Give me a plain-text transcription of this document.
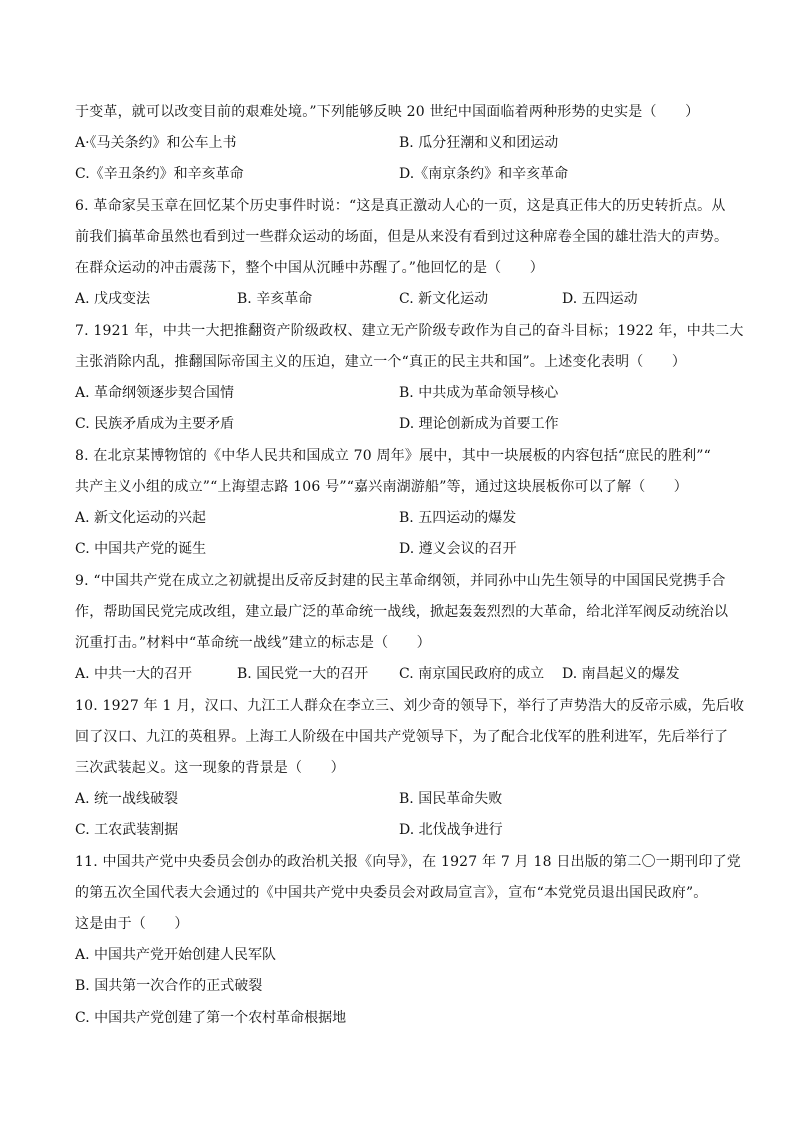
于变革，就可以改变目前的艰难处境。”下列能够反映 20 世纪中国面临着两种形势的史实是（　　）
A·《马关条约》和公车上书	B. 瓜分狂潮和义和团运动
C.《辛丑条约》和辛亥革命	D.《南京条约》和辛亥革命
6. 革命家吴玉章在回忆某个历史事件时说：“这是真正激动人心的一页，这是真正伟大的历史转折点。从
前我们搞革命虽然也看到过一些群众运动的场面，但是从来没有看到过这种席卷全国的雄壮浩大的声势。
在群众运动的冲击震荡下，整个中国从沉睡中苏醒了。”他回忆的是（　　）
A. 戊戌变法	B. 辛亥革命	C. 新文化运动	D. 五四运动
7. 1921 年，中共一大把推翻资产阶级政权、建立无产阶级专政作为自己的奋斗目标；1922 年，中共二大
主张消除内乱，推翻国际帝国主义的压迫，建立一个“真正的民主共和国”。上述变化表明（　　）
A. 革命纲领逐步契合国情	B. 中共成为革命领导核心
C. 民族矛盾成为主要矛盾	D. 理论创新成为首要工作
8. 在北京某博物馆的《中华人民共和国成立 70 周年》展中，其中一块展板的内容包括“庶民的胜利”“
共产主义小组的成立”“上海望志路 106 号”“嘉兴南湖游船”等，通过这块展板你可以了解（　　）
A. 新文化运动的兴起	B. 五四运动的爆发
C. 中国共产党的诞生	D. 遵义会议的召开
9. “中国共产党在成立之初就提出反帝反封建的民主革命纲领，并同孙中山先生领导的中国国民党携手合
作，帮助国民党完成改组，建立最广泛的革命统一战线，掀起轰轰烈烈的大革命，给北洋军阀反动统治以
沉重打击。”材料中“革命统一战线”建立的标志是（　　）
A. 中共一大的召开	B. 国民党一大的召开 C. 南京国民政府的成立 D. 南昌起义的爆发
10. 1927 年 1 月，汉口、九江工人群众在李立三、刘少奇的领导下，举行了声势浩大的反帝示威，先后收
回了汉口、九江的英租界。上海工人阶级在中国共产党领导下，为了配合北伐军的胜利进军，先后举行了
三次武装起义。这一现象的背景是（　　）
A. 统一战线破裂	B. 国民革命失败
C. 工农武装割据	D. 北伐战争进行
11. 中国共产党中央委员会创办的政治机关报《向导》，在 1927 年 7 月 18 日出版的第二〇一期刊印了党
的第五次全国代表大会通过的《中国共产党中央委员会对政局宣言》，宣布“本党党员退出国民政府”。
这是由于（　　）
A. 中国共产党开始创建人民军队
B. 国共第一次合作的正式破裂
C. 中国共产党创建了第一个农村革命根据地
